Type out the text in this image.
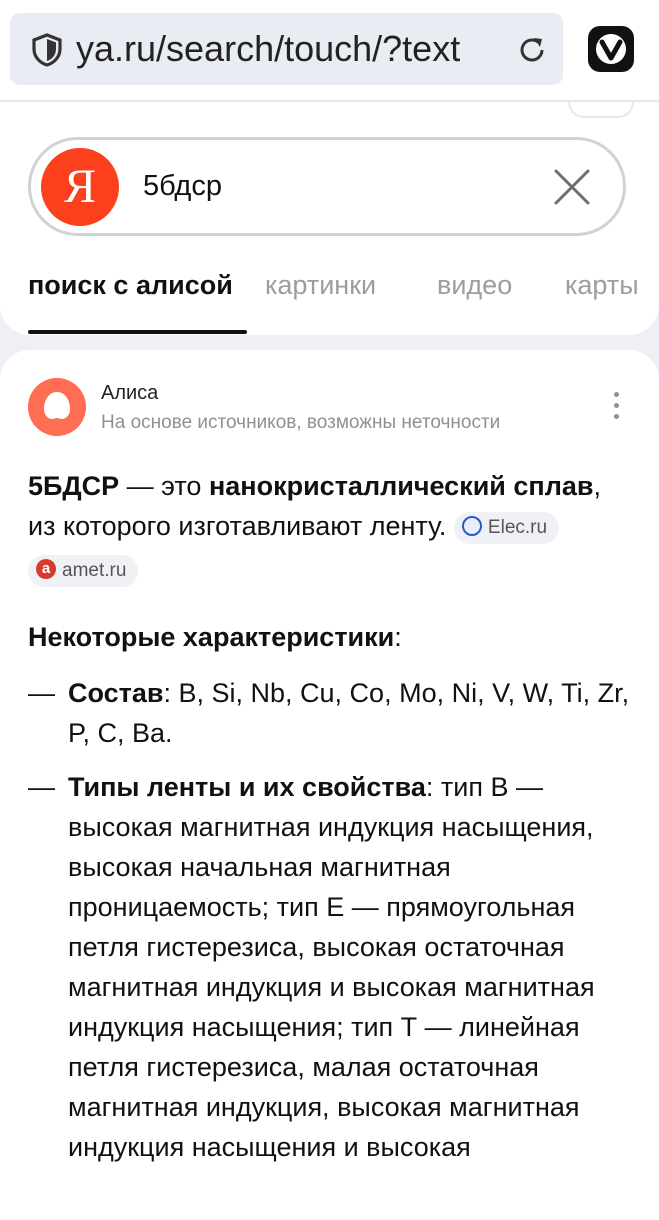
ya.ru/search/touch/?text
Я	5бдср
поиск с алисой картинки видео карты
Алиса
На основе источников, возможны неточности

5БДСР — это нанокристаллический сплав,
из которого изготавливают ленту. Elec.ru
a amet.ru

Некоторые характеристики:

— Состав: B, Si, Nb, Cu, Co, Mo, Ni, V, W, Ti, Zr, P, C, Ba.
— Типы ленты и их свойства: тип В — высокая магнитная индукция насыщения, высокая начальная магнитная проницаемость; тип Е — прямоугольная петля гистерезиса, высокая остаточная магнитная индукция и высокая магнитная индукция насыщения; тип Т — линейная петля гистерезиса, малая остаточная магнитная индукция, высокая магнитная индукция насыщения и высокая
